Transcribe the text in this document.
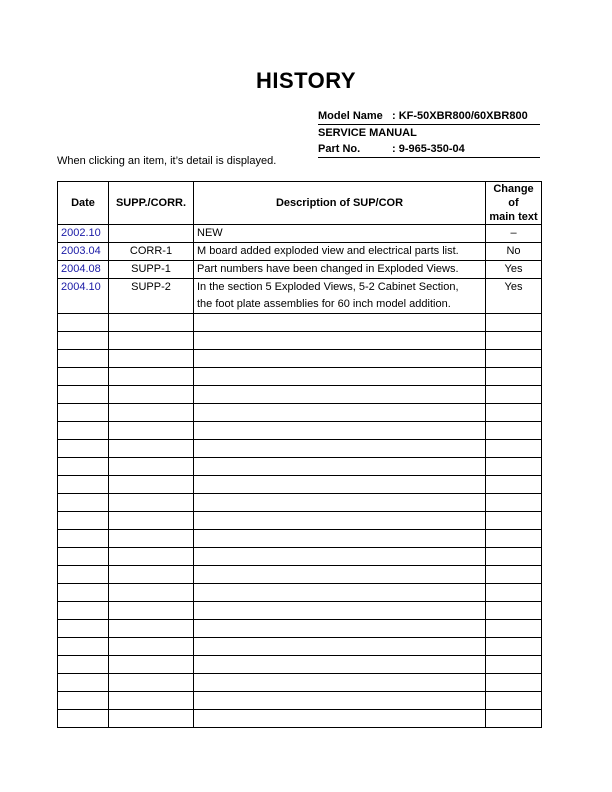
HISTORY
Model Name : KF-50XBR800/60XBR800
SERVICE MANUAL
Part No.	: 9-965-350-04
When clicking an item, it’s detail is displayed.
Date	SUPP./CORR.	Description of SUP/COR	Change of
main text
2002.10		NEW	–
2003.04	CORR-1	M board added exploded view and electrical parts list.	No
2004.08	SUPP-1	Part numbers have been changed in Exploded Views.	Yes
2004.10	SUPP-2	In the section 5 Exploded Views, 5-2 Cabinet Section,
the foot plate assemblies for 60 inch model addition.	Yes
